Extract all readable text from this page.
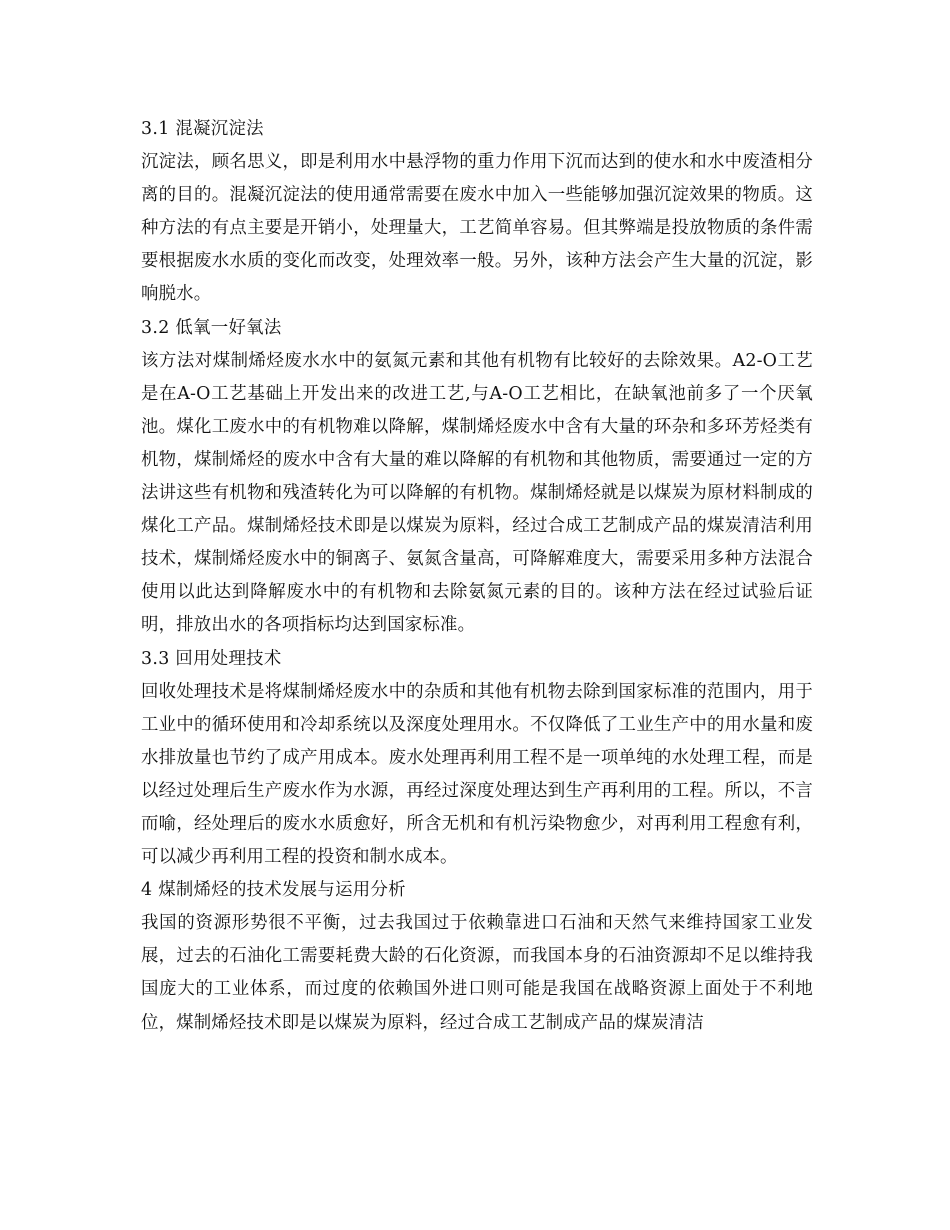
3.1 混凝沉淀法

沉淀法，顾名思义，即是利用水中悬浮物的重力作用下沉而达到的使水和水中废渣相分离的目的。混凝沉淀法的使用通常需要在废水中加入一些能够加强沉淀效果的物质。这种方法的有点主要是开销小，处理量大，工艺简单容易。但其弊端是投放物质的条件需要根据废水水质的变化而改变，处理效率一般。另外，该种方法会产生大量的沉淀，影响脱水。

3.2 低氧一好氧法

该方法对煤制烯烃废水水中的氨氮元素和其他有机物有比较好的去除效果。A2-O工艺是在A-O工艺基础上开发出来的改进工艺,与A-O工艺相比，在缺氧池前多了一个厌氧池。煤化工废水中的有机物难以降解，煤制烯烃废水中含有大量的环杂和多环芳烃类有机物，煤制烯烃的废水中含有大量的难以降解的有机物和其他物质，需要通过一定的方法讲这些有机物和残渣转化为可以降解的有机物。煤制烯烃就是以煤炭为原材料制成的煤化工产品。煤制烯烃技术即是以煤炭为原料，经过合成工艺制成产品的煤炭清洁利用技术，煤制烯烃废水中的铜离子、氨氮含量高，可降解难度大，需要采用多种方法混合使用以此达到降解废水中的有机物和去除氨氮元素的目的。该种方法在经过试验后证明，排放出水的各项指标均达到国家标准。

3.3 回用处理技术

回收处理技术是将煤制烯烃废水中的杂质和其他有机物去除到国家标准的范围内，用于工业中的循环使用和冷却系统以及深度处理用水。不仅降低了工业生产中的用水量和废水排放量也节约了成产用成本。废水处理再利用工程不是一项单纯的水处理工程，而是以经过处理后生产废水作为水源，再经过深度处理达到生产再利用的工程。所以，不言而喻，经处理后的废水水质愈好，所含无机和有机污染物愈少，对再利用工程愈有利，可以减少再利用工程的投资和制水成本。

4 煤制烯烃的技术发展与运用分析

我国的资源形势很不平衡，过去我国过于依赖靠进口石油和天然气来维持国家工业发展，过去的石油化工需要耗费大龄的石化资源，而我国本身的石油资源却不足以维持我国庞大的工业体系，而过度的依赖国外进口则可能是我国在战略资源上面处于不利地位，煤制烯烃技术即是以煤炭为原料，经过合成工艺制成产品的煤炭清洁
